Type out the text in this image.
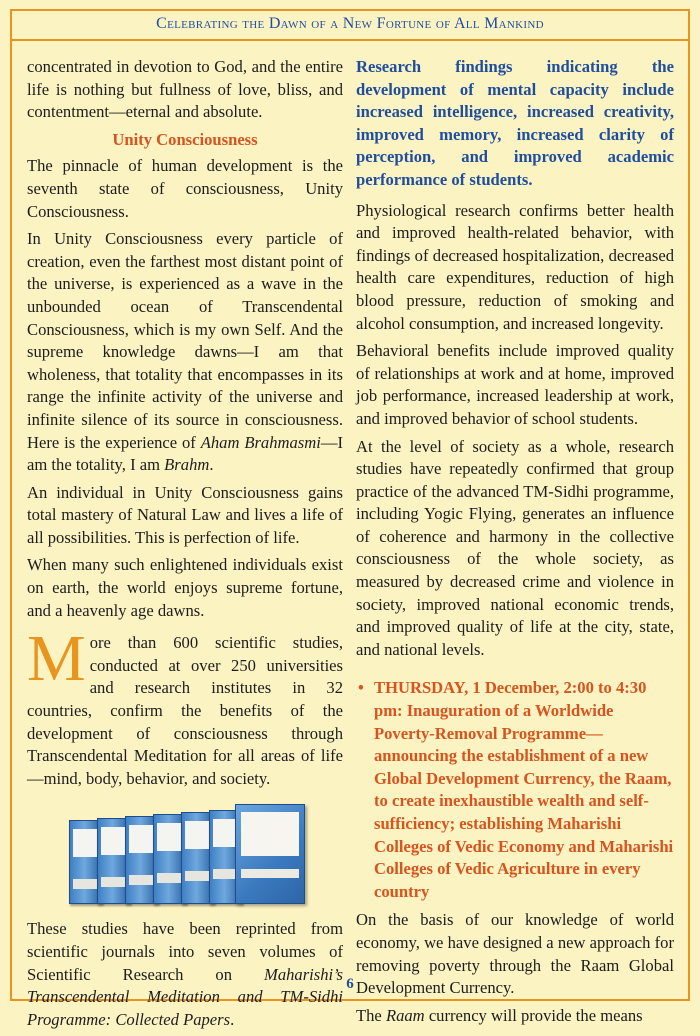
Celebrating the Dawn of a New Fortune of All Mankind

concentrated in devotion to God, and the entire life is nothing but fullness of love, bliss, and contentment—eternal and absolute.

Unity Consciousness

The pinnacle of human development is the seventh state of consciousness, Unity Consciousness.

In Unity Consciousness every particle of creation, even the farthest most distant point of the universe, is experienced as a wave in the unbounded ocean of Transcendental Consciousness, which is my own Self. And the supreme knowledge dawns—I am that wholeness, that totality that encompasses in its range the infinite activity of the universe and infinite silence of its source in consciousness. Here is the experience of Aham Brahmasmi—I am the totality, I am Brahm.

An individual in Unity Consciousness gains total mastery of Natural Law and lives a life of all possibilities. This is perfection of life.

When many such enlightened individuals exist on earth, the world enjoys supreme fortune, and a heavenly age dawns.

More than 600 scientific studies, conducted at over 250 universities and research institutes in 32 countries, confirm the benefits of the development of consciousness through Transcendental Meditation for all areas of life—mind, body, behavior, and society.

These studies have been reprinted from scientific journals into seven volumes of Scientific Research on Maharishi’s Transcendental Meditation and TM-Sidhi Programme: Collected Papers.

Research findings indicating the development of mental capacity include increased intelligence, increased creativity, improved memory, increased clarity of perception, and improved academic performance of students.

Physiological research confirms better health and improved health-related behavior, with findings of decreased hospitalization, decreased health care expenditures, reduction of high blood pressure, reduction of smoking and alcohol consumption, and increased longevity.

Behavioral benefits include improved quality of relationships at work and at home, improved job performance, increased leadership at work, and improved behavior of school students.

At the level of society as a whole, research studies have repeatedly confirmed that group practice of the advanced TM-Sidhi programme, including Yogic Flying, generates an influence of coherence and harmony in the collective consciousness of the whole society, as measured by decreased crime and violence in society, improved national economic trends, and improved quality of life at the city, state, and national levels.

• THURSDAY, 1 December, 2:00 to 4:30 pm: Inauguration of a Worldwide Poverty-Removal Programme—announcing the establishment of a new Global Development Currency, the Raam, to create inexhaustible wealth and self-sufficiency; establishing Maharishi Colleges of Vedic Economy and Maharishi Colleges of Vedic Agriculture in every country

On the basis of our knowledge of world economy, we have designed a new approach for removing poverty through the Raam Global Development Currency.

The Raam currency will provide the means

6
